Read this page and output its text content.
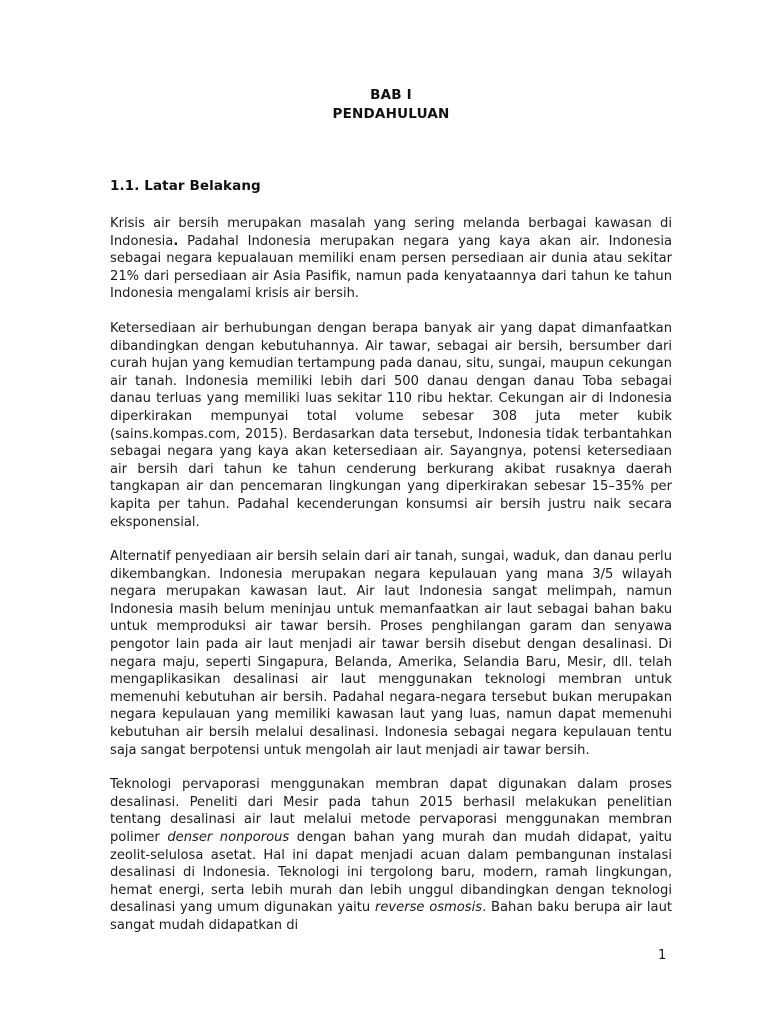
BAB I
PENDAHULUAN
1.1. Latar Belakang

Krisis air bersih merupakan masalah yang sering melanda berbagai kawasan di Indonesia. Padahal Indonesia merupakan negara yang kaya akan air. Indonesia sebagai negara kepualauan memiliki enam persen persediaan air dunia atau sekitar 21% dari persediaan air Asia Pasifik, namun pada kenyataannya dari tahun ke tahun Indonesia mengalami krisis air bersih.

Ketersediaan air berhubungan dengan berapa banyak air yang dapat dimanfaatkan dibandingkan dengan kebutuhannya. Air tawar, sebagai air bersih, bersumber dari curah hujan yang kemudian tertampung pada danau, situ, sungai, maupun cekungan air tanah. Indonesia memiliki lebih dari 500 danau dengan danau Toba sebagai danau terluas yang memiliki luas sekitar 110 ribu hektar. Cekungan air di Indonesia diperkirakan mempunyai total volume sebesar 308 juta meter kubik (sains.kompas.com, 2015). Berdasarkan data tersebut, Indonesia tidak terbantahkan sebagai negara yang kaya akan ketersediaan air. Sayangnya, potensi ketersediaan air bersih dari tahun ke tahun cenderung berkurang akibat rusaknya daerah tangkapan air dan pencemaran lingkungan yang diperkirakan sebesar 15–35% per kapita per tahun. Padahal kecenderungan konsumsi air bersih justru naik secara eksponensial.

Alternatif penyediaan air bersih selain dari air tanah, sungai, waduk, dan danau perlu dikembangkan. Indonesia merupakan negara kepulauan yang mana 3/5 wilayah negara merupakan kawasan laut. Air laut Indonesia sangat melimpah, namun Indonesia masih belum meninjau untuk memanfaatkan air laut sebagai bahan baku untuk memproduksi air tawar bersih. Proses penghilangan garam dan senyawa pengotor lain pada air laut menjadi air tawar bersih disebut dengan desalinasi. Di negara maju, seperti Singapura, Belanda, Amerika, Selandia Baru, Mesir, dll. telah mengaplikasikan desalinasi air laut menggunakan teknologi membran untuk memenuhi kebutuhan air bersih. Padahal negara-negara tersebut bukan merupakan negara kepulauan yang memiliki kawasan laut yang luas, namun dapat memenuhi kebutuhan air bersih melalui desalinasi. Indonesia sebagai negara kepulauan tentu saja sangat berpotensi untuk mengolah air laut menjadi air tawar bersih.

Teknologi pervaporasi menggunakan membran dapat digunakan dalam proses desalinasi. Peneliti dari Mesir pada tahun 2015 berhasil melakukan penelitian tentang desalinasi air laut melalui metode pervaporasi menggunakan membran polimer denser nonporous dengan bahan yang murah dan mudah didapat, yaitu zeolit-selulosa asetat. Hal ini dapat menjadi acuan dalam pembangunan instalasi desalinasi di Indonesia. Teknologi ini tergolong baru, modern, ramah lingkungan, hemat energi, serta lebih murah dan lebih unggul dibandingkan dengan teknologi desalinasi yang umum digunakan yaitu reverse osmosis. Bahan baku berupa air laut sangat mudah didapatkan di

1
